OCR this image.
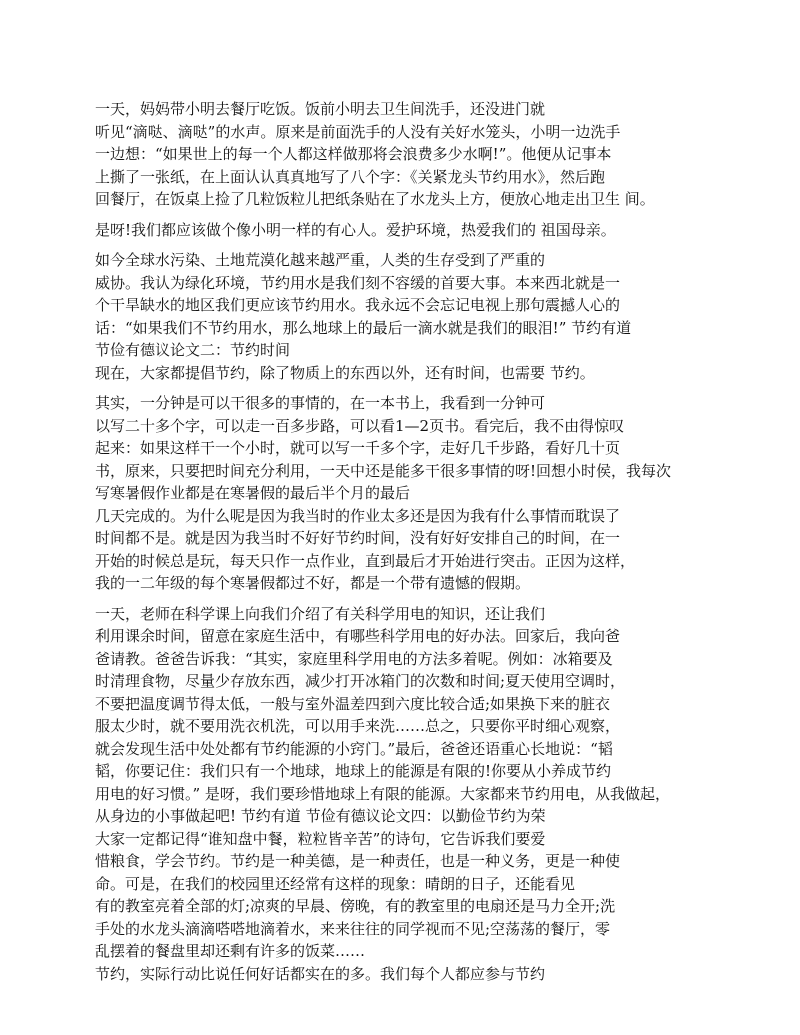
一天，妈妈带小明去餐厅吃饭。饭前小明去卫生间洗手，还没进门就
听见“滴哒、滴哒”的水声。原来是前面洗手的人没有关好水笼头，小明一边洗手
一边想：“如果世上的每一个人都这样做那将会浪费多少水啊!”。他便从记事本
上撕了一张纸，在上面认认真真地写了八个字：《关紧龙头节约用水》，然后跑
回餐厅，在饭桌上捡了几粒饭粒儿把纸条贴在了水龙头上方，便放心地走出卫生 间。
是呀!我们都应该做个像小明一样的有心人。爱护环境，热爱我们的 祖国母亲。
如今全球水污染、土地荒漠化越来越严重，人类的生存受到了严重的
威协。我认为绿化环境，节约用水是我们刻不容缓的首要大事。本来西北就是一
个干旱缺水的地区我们更应该节约用水。我永远不会忘记电视上那句震撼人心的
话：“如果我们不节约用水，那么地球上的最后一滴水就是我们的眼泪!” 节约有道
节俭有德议论文二：节约时间
现在，大家都提倡节约，除了物质上的东西以外，还有时间，也需要 节约。
其实，一分钟是可以干很多的事情的，在一本书上，我看到一分钟可
以写二十多个字，可以走一百多步路，可以看1—2页书。看完后，我不由得惊叹
起来：如果这样干一个小时，就可以写一千多个字，走好几千步路，看好几十页
书，原来，只要把时间充分利用，一天中还是能多干很多事情的呀!回想小时侯，我每次
写寒暑假作业都是在寒暑假的最后半个月的最后
几天完成的。为什么呢是因为我当时的作业太多还是因为我有什么事情而耽误了
时间都不是。就是因为我当时不好好节约时间，没有好好安排自己的时间，在一
开始的时候总是玩，每天只作一点作业，直到最后才开始进行突击。正因为这样，
我的一二年级的每个寒暑假都过不好，都是一个带有遗憾的假期。
一天，老师在科学课上向我们介绍了有关科学用电的知识，还让我们
利用课余时间，留意在家庭生活中，有哪些科学用电的好办法。回家后，我向爸
爸请教。爸爸告诉我：“其实，家庭里科学用电的方法多着呢。例如：冰箱要及
时清理食物，尽量少存放东西，减少打开冰箱门的次数和时间;夏天使用空调时，
不要把温度调节得太低，一般与室外温差四到六度比较合适;如果换下来的脏衣
服太少时，就不要用洗衣机洗，可以用手来洗……总之，只要你平时细心观察，
就会发现生活中处处都有节约能源的小窍门。”最后，爸爸还语重心长地说：“韬
韬，你要记住：我们只有一个地球，地球上的能源是有限的!你要从小养成节约
用电的好习惯。” 是呀，我们要珍惜地球上有限的能源。大家都来节约用电，从我做起，
从身边的小事做起吧! 节约有道 节俭有德议论文四：以勤俭节约为荣
大家一定都记得“谁知盘中餐，粒粒皆辛苦”的诗句，它告诉我们要爱
惜粮食，学会节约。节约是一种美德，是一种责任，也是一种义务，更是一种使
命。可是，在我们的校园里还经常有这样的现象：晴朗的日子，还能看见
有的教室亮着全部的灯;凉爽的早晨、傍晚，有的教室里的电扇还是马力全开;洗
手处的水龙头滴滴嗒嗒地滴着水，来来往往的同学视而不见;空荡荡的餐厅，零
乱摆着的餐盘里却还剩有许多的饭菜……
节约，实际行动比说任何好话都实在的多。我们每个人都应参与节约
